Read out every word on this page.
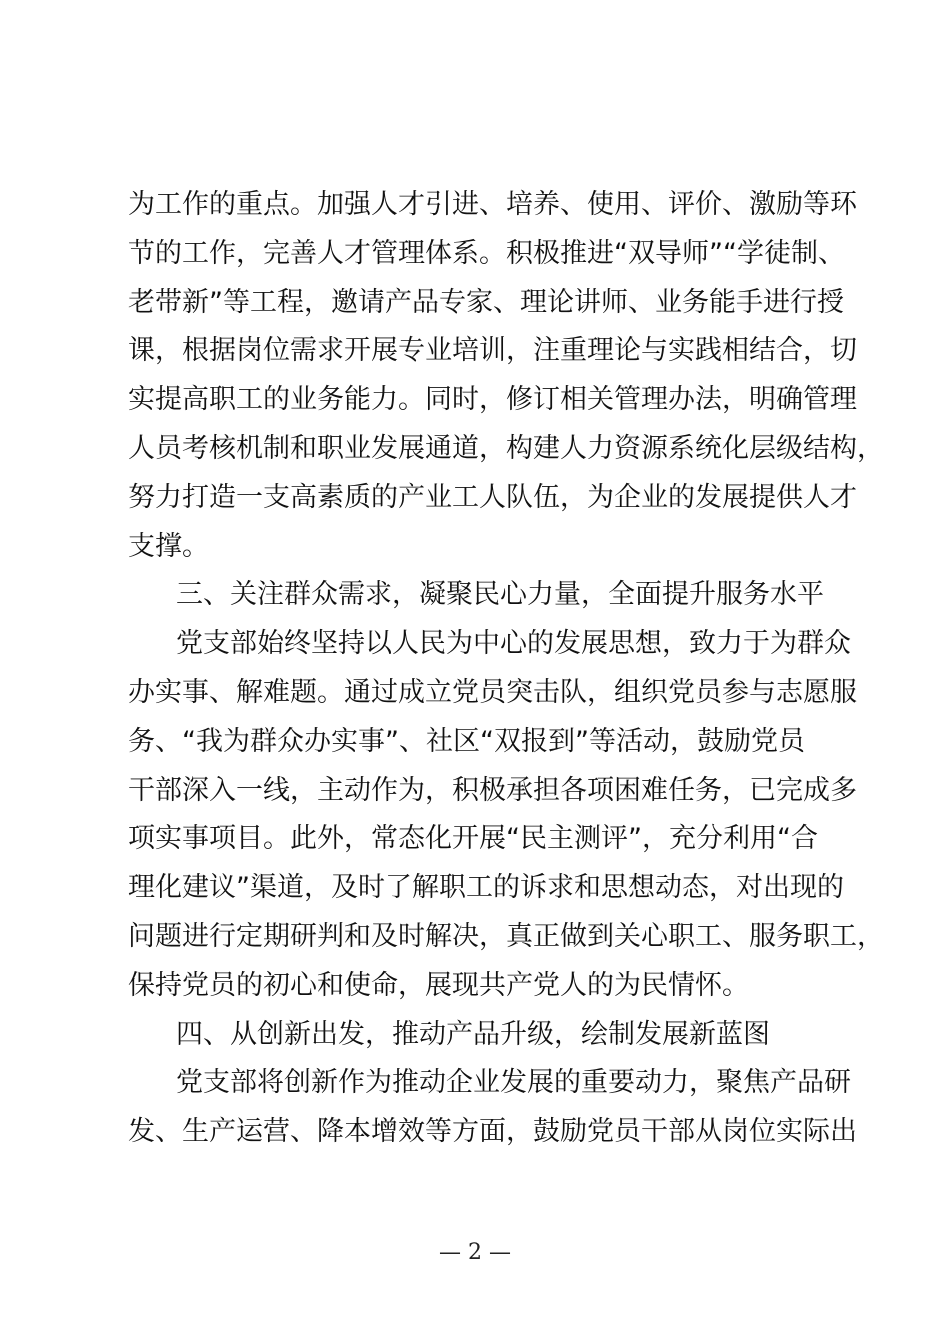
为工作的重点。加强人才引进、培养、使用、评价、激励等环
节的工作，完善人才管理体系。积极推进“双导师”“学徒制、
老带新”等工程，邀请产品专家、理论讲师、业务能手进行授
课，根据岗位需求开展专业培训，注重理论与实践相结合，切
实提高职工的业务能力。同时，修订相关管理办法，明确管理
人员考核机制和职业发展通道，构建人力资源系统化层级结构，
努力打造一支高素质的产业工人队伍，为企业的发展提供人才
支撑。
三、关注群众需求，凝聚民心力量，全面提升服务水平
党支部始终坚持以人民为中心的发展思想，致力于为群众
办实事、解难题。通过成立党员突击队，组织党员参与志愿服
务、“我为群众办实事”、社区“双报到”等活动，鼓励党员
干部深入一线，主动作为，积极承担各项困难任务，已完成多
项实事项目。此外，常态化开展“民主测评”，充分利用“合
理化建议”渠道，及时了解职工的诉求和思想动态，对出现的
问题进行定期研判和及时解决，真正做到关心职工、服务职工，
保持党员的初心和使命，展现共产党人的为民情怀。
四、从创新出发，推动产品升级，绘制发展新蓝图
党支部将创新作为推动企业发展的重要动力，聚焦产品研
发、生产运营、降本增效等方面，鼓励党员干部从岗位实际出
— 2 —
